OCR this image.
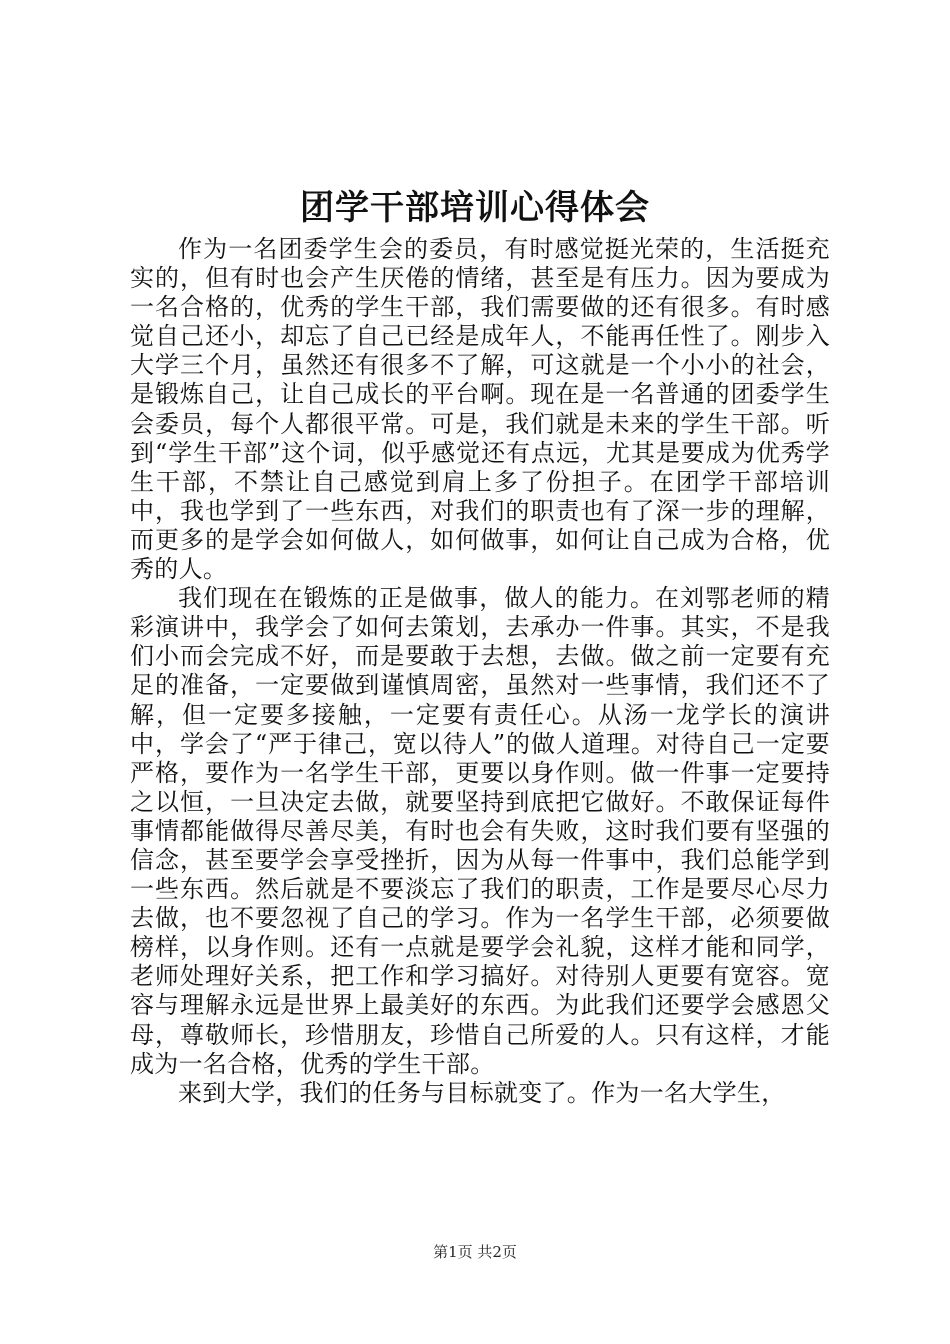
团学干部培训心得体会

作为一名团委学生会的委员，有时感觉挺光荣的，生活挺充实的，但有时也会产生厌倦的情绪，甚至是有压力。因为要成为一名合格的，优秀的学生干部，我们需要做的还有很多。有时感觉自己还小，却忘了自己已经是成年人，不能再任性了。刚步入大学三个月，虽然还有很多不了解，可这就是一个小小的社会，是锻炼自己，让自己成长的平台啊。现在是一名普通的团委学生会委员，每个人都很平常。可是，我们就是未来的学生干部。听到“学生干部”这个词，似乎感觉还有点远，尤其是要成为优秀学生干部，不禁让自己感觉到肩上多了份担子。在团学干部培训中，我也学到了一些东西，对我们的职责也有了深一步的理解，而更多的是学会如何做人，如何做事，如何让自己成为合格，优秀的人。

我们现在在锻炼的正是做事，做人的能力。在刘鄂老师的精彩演讲中，我学会了如何去策划，去承办一件事。其实，不是我们小而会完成不好，而是要敢于去想，去做。做之前一定要有充足的准备，一定要做到谨慎周密，虽然对一些事情，我们还不了解，但一定要多接触，一定要有责任心。从汤一龙学长的演讲中，学会了“严于律己，宽以待人”的做人道理。对待自己一定要严格，要作为一名学生干部，更要以身作则。做一件事一定要持之以恒，一旦决定去做，就要坚持到底把它做好。不敢保证每件事情都能做得尽善尽美，有时也会有失败，这时我们要有坚强的信念，甚至要学会享受挫折，因为从每一件事中，我们总能学到一些东西。然后就是不要淡忘了我们的职责，工作是要尽心尽力去做，也不要忽视了自己的学习。作为一名学生干部，必须要做榜样，以身作则。还有一点就是要学会礼貌，这样才能和同学，老师处理好关系，把工作和学习搞好。对待别人更要有宽容。宽容与理解永远是世界上最美好的东西。为此我们还要学会感恩父母，尊敬师长，珍惜朋友，珍惜自己所爱的人。只有这样，才能成为一名合格，优秀的学生干部。

来到大学，我们的任务与目标就变了。作为一名大学生，

第1页 共2页
